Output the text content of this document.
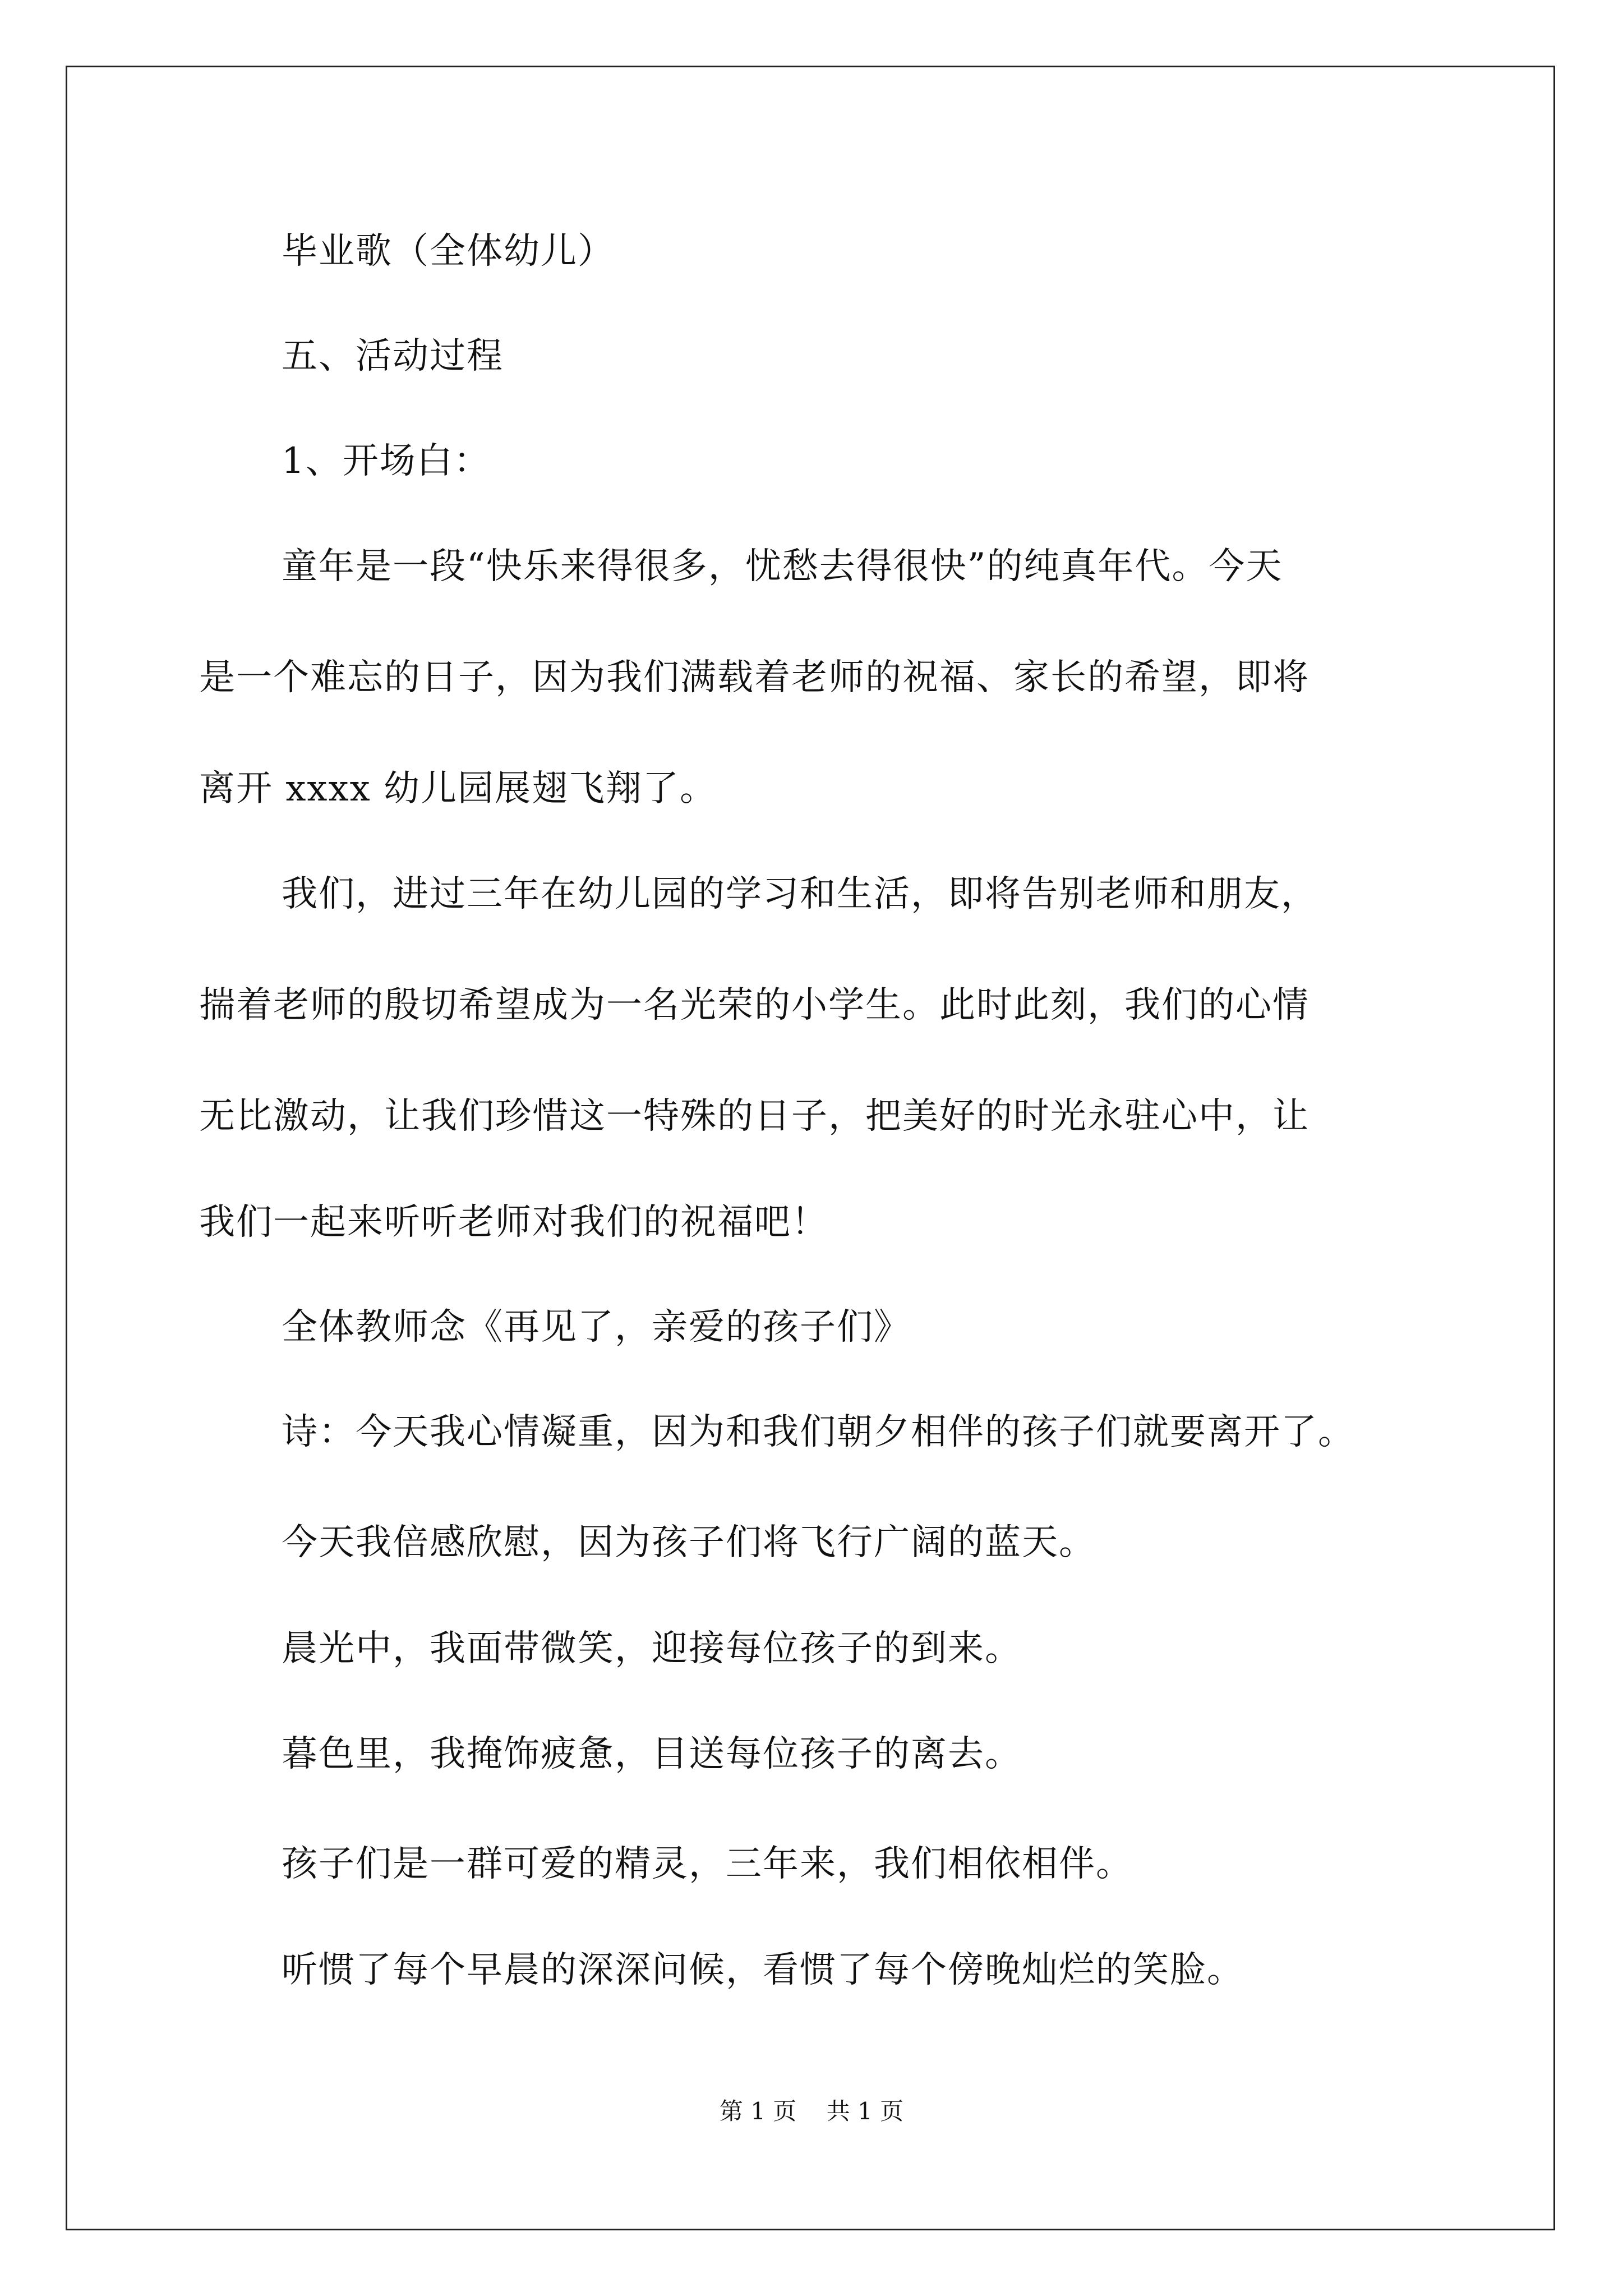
毕业歌（全体幼儿）
五、活动过程
1、开场白：
童年是一段“快乐来得很多，忧愁去得很快”的纯真年代。今天
是一个难忘的日子，因为我们满载着老师的祝福、家长的希望，即将
离开 xxxx 幼儿园展翅飞翔了。
我们，进过三年在幼儿园的学习和生活，即将告别老师和朋友，
揣着老师的殷切希望成为一名光荣的小学生。此时此刻，我们的心情
无比激动，让我们珍惜这一特殊的日子，把美好的时光永驻心中，让
我们一起来听听老师对我们的祝福吧！
全体教师念《再见了，亲爱的孩子们》
诗：今天我心情凝重，因为和我们朝夕相伴的孩子们就要离开了。
今天我倍感欣慰，因为孩子们将飞行广阔的蓝天。
晨光中，我面带微笑，迎接每位孩子的到来。
暮色里，我掩饰疲惫，目送每位孩子的离去。
孩子们是一群可爱的精灵，三年来，我们相依相伴。
听惯了每个早晨的深深问候，看惯了每个傍晚灿烂的笑脸。
第 1 页    共 1 页
